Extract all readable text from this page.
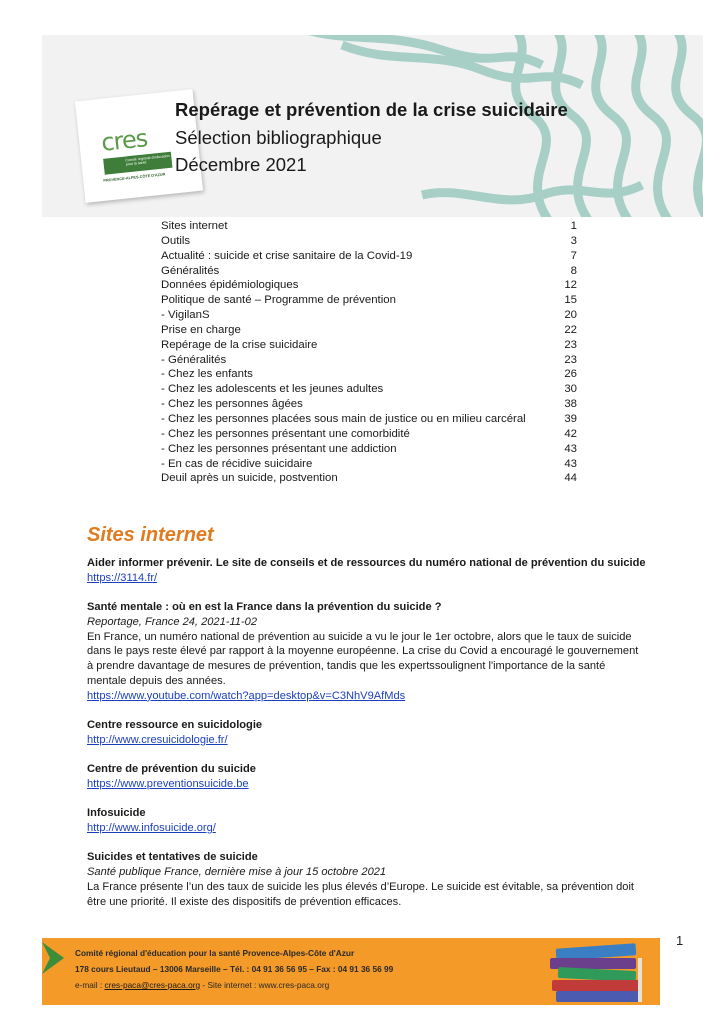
cres
Comité régional d'éducation pour la santé
PROVENCE-ALPES-CÔTE D'AZUR
Repérage et prévention de la crise suicidaire
Sélection bibliographique
Décembre 2021
Sites internet	1
Outils	3
Actualité : suicide et crise sanitaire de la Covid-19	7
Généralités	8
Données épidémiologiques	12
Politique de santé – Programme de prévention	15
- VigilanS	20
Prise en charge	22
Repérage de la crise suicidaire	23
- Généralités	23
- Chez les enfants	26
- Chez les adolescents et les jeunes adultes	30
- Chez les personnes âgées	38
- Chez les personnes placées sous main de justice ou en milieu carcéral	39
- Chez les personnes présentant une comorbidité	42
- Chez les personnes présentant une addiction	43
- En cas de récidive suicidaire	43
Deuil après un suicide, postvention	44
Sites internet
Aider informer prévenir. Le site de conseils et de ressources du numéro national de prévention du suicide
https://3114.fr/
Santé mentale : où en est la France dans la prévention du suicide ?
Reportage, France 24, 2021-11-02
En France, un numéro national de prévention au suicide a vu le jour le 1er octobre, alors que le taux de suicide dans le pays reste élevé par rapport à la moyenne européenne. La crise du Covid a encouragé le gouvernement à prendre davantage de mesures de prévention, tandis que les expertssoulignent l'importance de la santé mentale depuis des années.
https://www.youtube.com/watch?app=desktop&v=C3NhV9AfMds
Centre ressource en suicidologie
http://www.cresuicidologie.fr/
Centre de prévention du suicide
https://www.preventionsuicide.be
Infosuicide
http://www.infosuicide.org/
Suicides et tentatives de suicide
Santé publique France, dernière mise à jour 15 octobre 2021
La France présente l’un des taux de suicide les plus élevés d’Europe. Le suicide est évitable, sa prévention doit être une priorité. Il existe des dispositifs de prévention efficaces.
1
Comité régional d'éducation pour la santé Provence-Alpes-Côte d'Azur
178 cours Lieutaud – 13006 Marseille – Tél. : 04 91 36 56 95 – Fax : 04 91 36 56 99
e-mail : cres-paca@cres-paca.org - Site internet : www.cres-paca.org
